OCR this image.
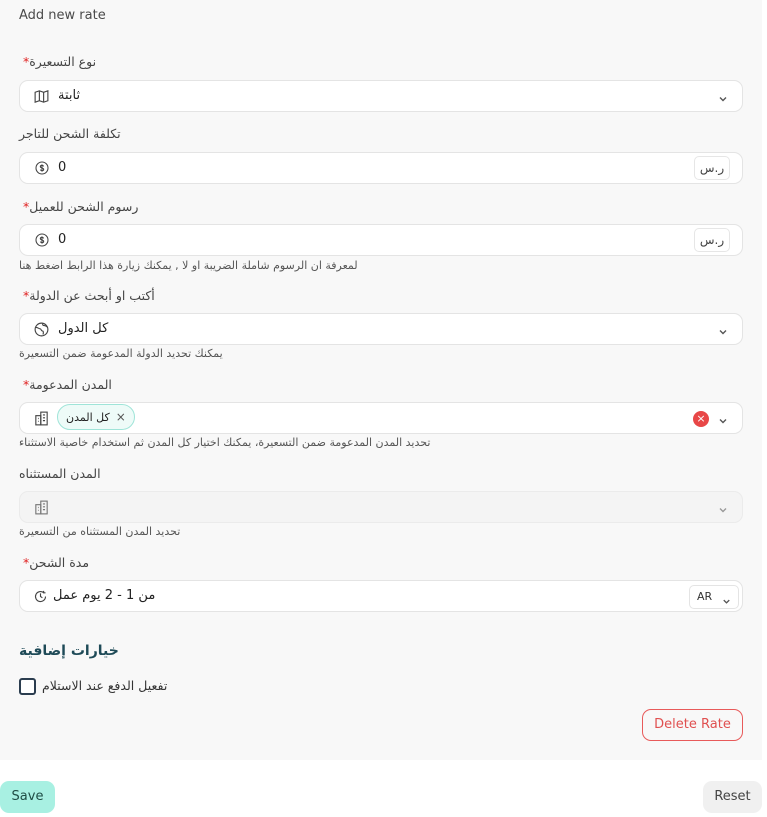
Add new rate
نوع التسعيرة*
ثابتة
تكلفة الشحن للتاجر
0	ر.س
رسوم الشحن للعميل*
0	ر.س
لمعرفة ان الرسوم شاملة الضريبة او لا , يمكنك زيارة هذا الرابط اضغط هنا
أكتب او أبحث عن الدولة*
كل الدول
يمكنك تحديد الدولة المدعومة ضمن التسعيرة
المدن المدعومة*
كل المدن ×	×
تحديد المدن المدعومة ضمن التسعيرة، يمكنك اختيار كل المدن ثم استخدام خاصية الاستثناء
المدن المستثناه
تحديد المدن المستثناه من التسعيرة
مدة الشحن*
من 1 - 2 يوم عمل	AR
خيارات إضافية
تفعيل الدفع عند الاستلام
Delete Rate
Save	Reset
